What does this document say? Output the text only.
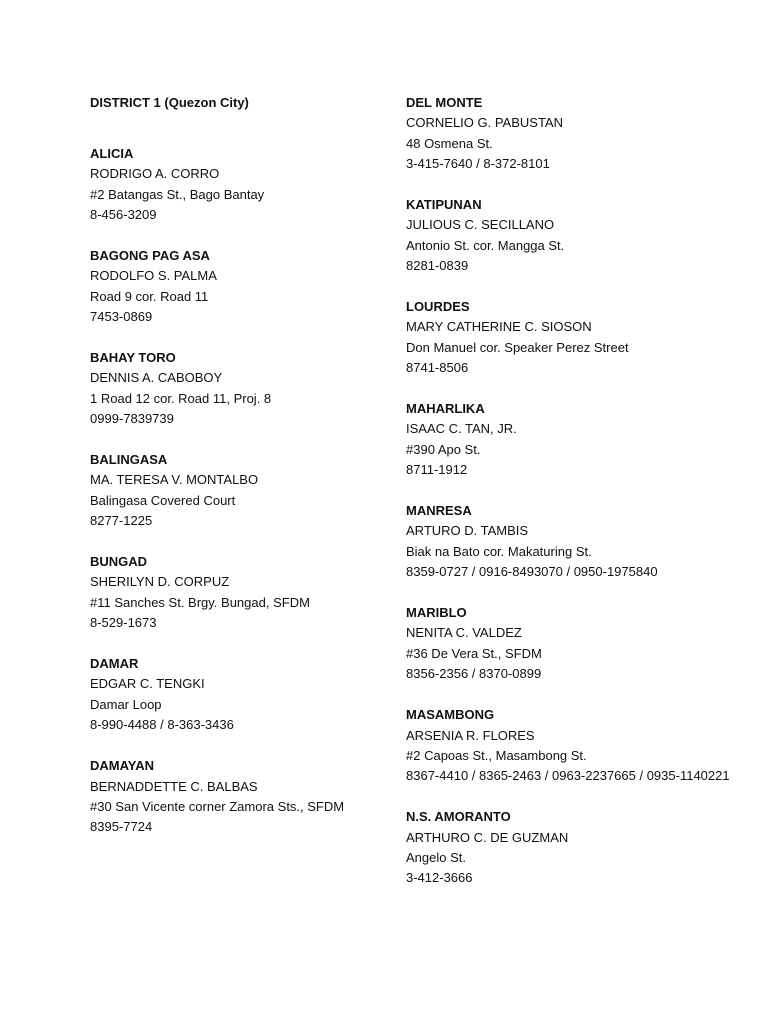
DISTRICT 1 (Quezon City)
ALICIA
RODRIGO A. CORRO
#2 Batangas St., Bago Bantay
8-456-3209
BAGONG PAG ASA
RODOLFO S. PALMA
Road 9 cor. Road 11
7453-0869
BAHAY TORO
DENNIS A. CABOBOY
1 Road 12 cor. Road 11, Proj. 8
0999-7839739
BALINGASA
MA. TERESA V. MONTALBO
Balingasa Covered Court
8277-1225
BUNGAD
SHERILYN D. CORPUZ
#11 Sanches St. Brgy. Bungad, SFDM
8-529-1673
DAMAR
EDGAR C. TENGKI
Damar Loop
8-990-4488 / 8-363-3436
DAMAYAN
BERNADDETTE C. BALBAS
#30 San Vicente corner Zamora Sts., SFDM
8395-7724
DEL MONTE
CORNELIO G. PABUSTAN
48 Osmena St.
3-415-7640 / 8-372-8101
KATIPUNAN
JULIOUS C. SECILLANO
Antonio St. cor. Mangga St.
8281-0839
LOURDES
MARY CATHERINE C. SIOSON
Don Manuel cor. Speaker Perez Street
8741-8506
MAHARLIKA
ISAAC C. TAN, JR.
#390 Apo St.
8711-1912
MANRESA
ARTURO D. TAMBIS
Biak na Bato cor. Makaturing St.
8359-0727 / 0916-8493070 / 0950-1975840
MARIBLO
NENITA C. VALDEZ
#36 De Vera St., SFDM
8356-2356 / 8370-0899
MASAMBONG
ARSENIA R. FLORES
#2 Capoas St., Masambong St.
8367-4410 / 8365-2463 / 0963-2237665 / 0935-1140221
N.S. AMORANTO
ARTHURO C. DE GUZMAN
Angelo St.
3-412-3666
